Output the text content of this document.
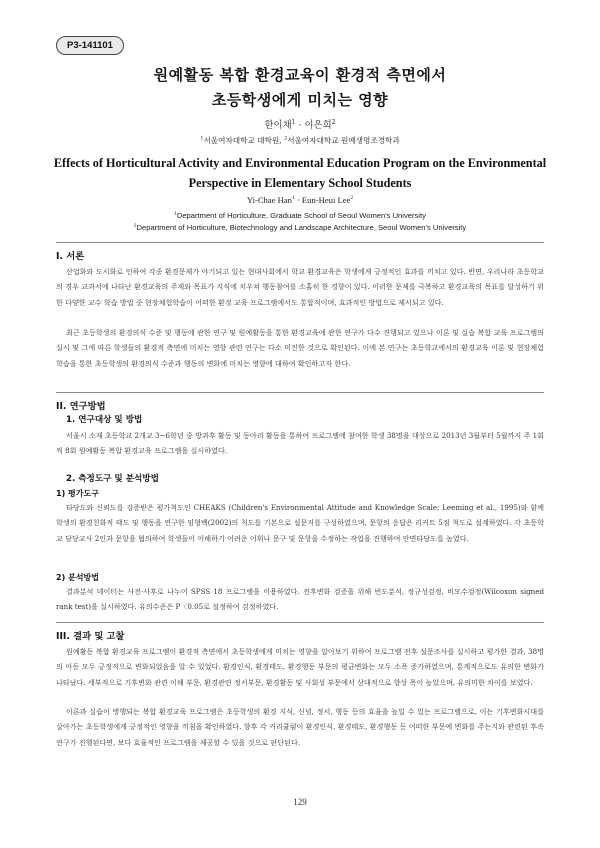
P3-141101
원예활동 복합 환경교육이 환경적 측면에서
초등학생에게 미치는 영향
한이채$^1$ · 이은희$^2$
$^1$서울여자대학교 대학원, $^2$서울여자대학교 원예생명조경학과
Effects of Horticultural Activity and Environmental Education Program on the Environmental Perspective in Elementary School Students
Yi-Chae Han$^1$ · Eun-Heui Lee$^2$
$^1$Department of Horticulture, Graduate School of Seoul Women's University
$^2$Department of Horticulture, Biotechnology and Landscape Architecture, Seoul Women's University
I. 서론

산업화와 도시화로 인하여 각종 환경문제가 야기되고 있는 현대사회에서 학교 환경교육은 학생에게 긍정적인 효과를 끼치고 있다. 반면, 우리나라 초등학교의 경우 교과서에 나타난 환경교육의 주제와 목표가 지식에 치우쳐 행동참여를 소홀히 한 경향이 있다. 이러한 문제를 극복하고 환경교육의 목표를 달성하기 위한 다양한 교수 학습 방법 중 현장체험학습이 어떠한 환경 교육 프로그램에서도 통합적이며, 효과적인 방법으로 제시되고 있다.

최근 초등학생의 환경의식 수준 및 행동에 관한 연구 및 원예활동을 통한 환경교육에 관한 연구가 다수 진행되고 있으나 이론 및 실습 복합 교육 프로그램의 실시 및 그에 따른 학생들의 환경적 측면에 미치는 영향 관련 연구는 다소 미진한 것으로 확인된다. 이에 본 연구는 초등학교에서의 환경교육 이론 및 현장체험학습을 통한 초등학생의 환경의식 수준과 행동의 변화에 미치는 영향에 대하여 확인하고자 한다.

II. 연구방법
1. 연구대상 및 방법

서울시 소재 초등학교 2개교 3~6학년 중 방과후 활동 및 동아리 활동을 통하여 프로그램에 참여한 학생 38명을 대상으로 2013년 3월부터 5월까지 주 1회씩 8회 원예활동 복합 환경교육 프로그램을 실시하였다.

2. 측정도구 및 분석방법
1) 평가도구

타당도와 신뢰도를 검증받은 평가척도인 CHEAKS (Children's Environmental Attitude and Knowledge Scale; Leeming et al., 1995)와 함께 학생의 환경친화적 태도 및 행동을 연구한 임형백(2002)의 척도를 기본으로 설문지를 구성하였으며, 문항의 응답은 리커트 5점 척도로 설계하였다. 각 초등학교 담당교사 2인과 문항을 협의하여 학생들이 이해하기 어려운 어휘나 문구 및 문항을 수정하는 작업을 진행하여 안면타당도를 높였다.

2) 분석방법

결과분석 데이터는 사전·사후로 나누어 SPSS 18 프로그램을 이용하였다. 전후변화 검증을 위해 빈도분석, 정규성검정, 비모수검정(Wilcoxon signed rank test)을 실시하였다. 유의수준은 P〈0.05로 설정하여 검정하였다.

III. 결과 및 고찰

원예활동 복합 환경교육 프로그램이 환경적 측면에서 초등학생에게 미치는 영향을 알아보기 위하여 프로그램 전후 설문조사를 실시하고 평가한 결과, 38명의 아동 모두 긍정적으로 변화되었음을 알 수 있었다. 환경인식, 환경태도, 환경행동 부문의 평균변화는 모두 소폭 증가하였으며, 통계적으로도 유의한 변화가 나타났다. 세부적으로 기후변화 관련 이해 부문, 환경관련 정서부문, 환경활동 및 사회성 부문에서 상대적으로 향상 폭이 높았으며, 유의미한 차이를 보였다.

이론과 실습이 병행되는 복합 환경교육 프로그램은 초등학생의 환경 지식, 신념, 정서, 행동 등의 효율을 높일 수 있는 프로그램으로, 이는 기후변화시대를 살아가는 초등학생에게 긍정적인 영향을 끼침을 확인하였다. 향후 각 커리큘럼이 환경인식, 환경태도, 환경행동 등 어떠한 부문에 변화를 주는지와 관련된 후속연구가 진행된다면, 보다 효율적인 프로그램을 제공할 수 있을 것으로 판단된다.

129
